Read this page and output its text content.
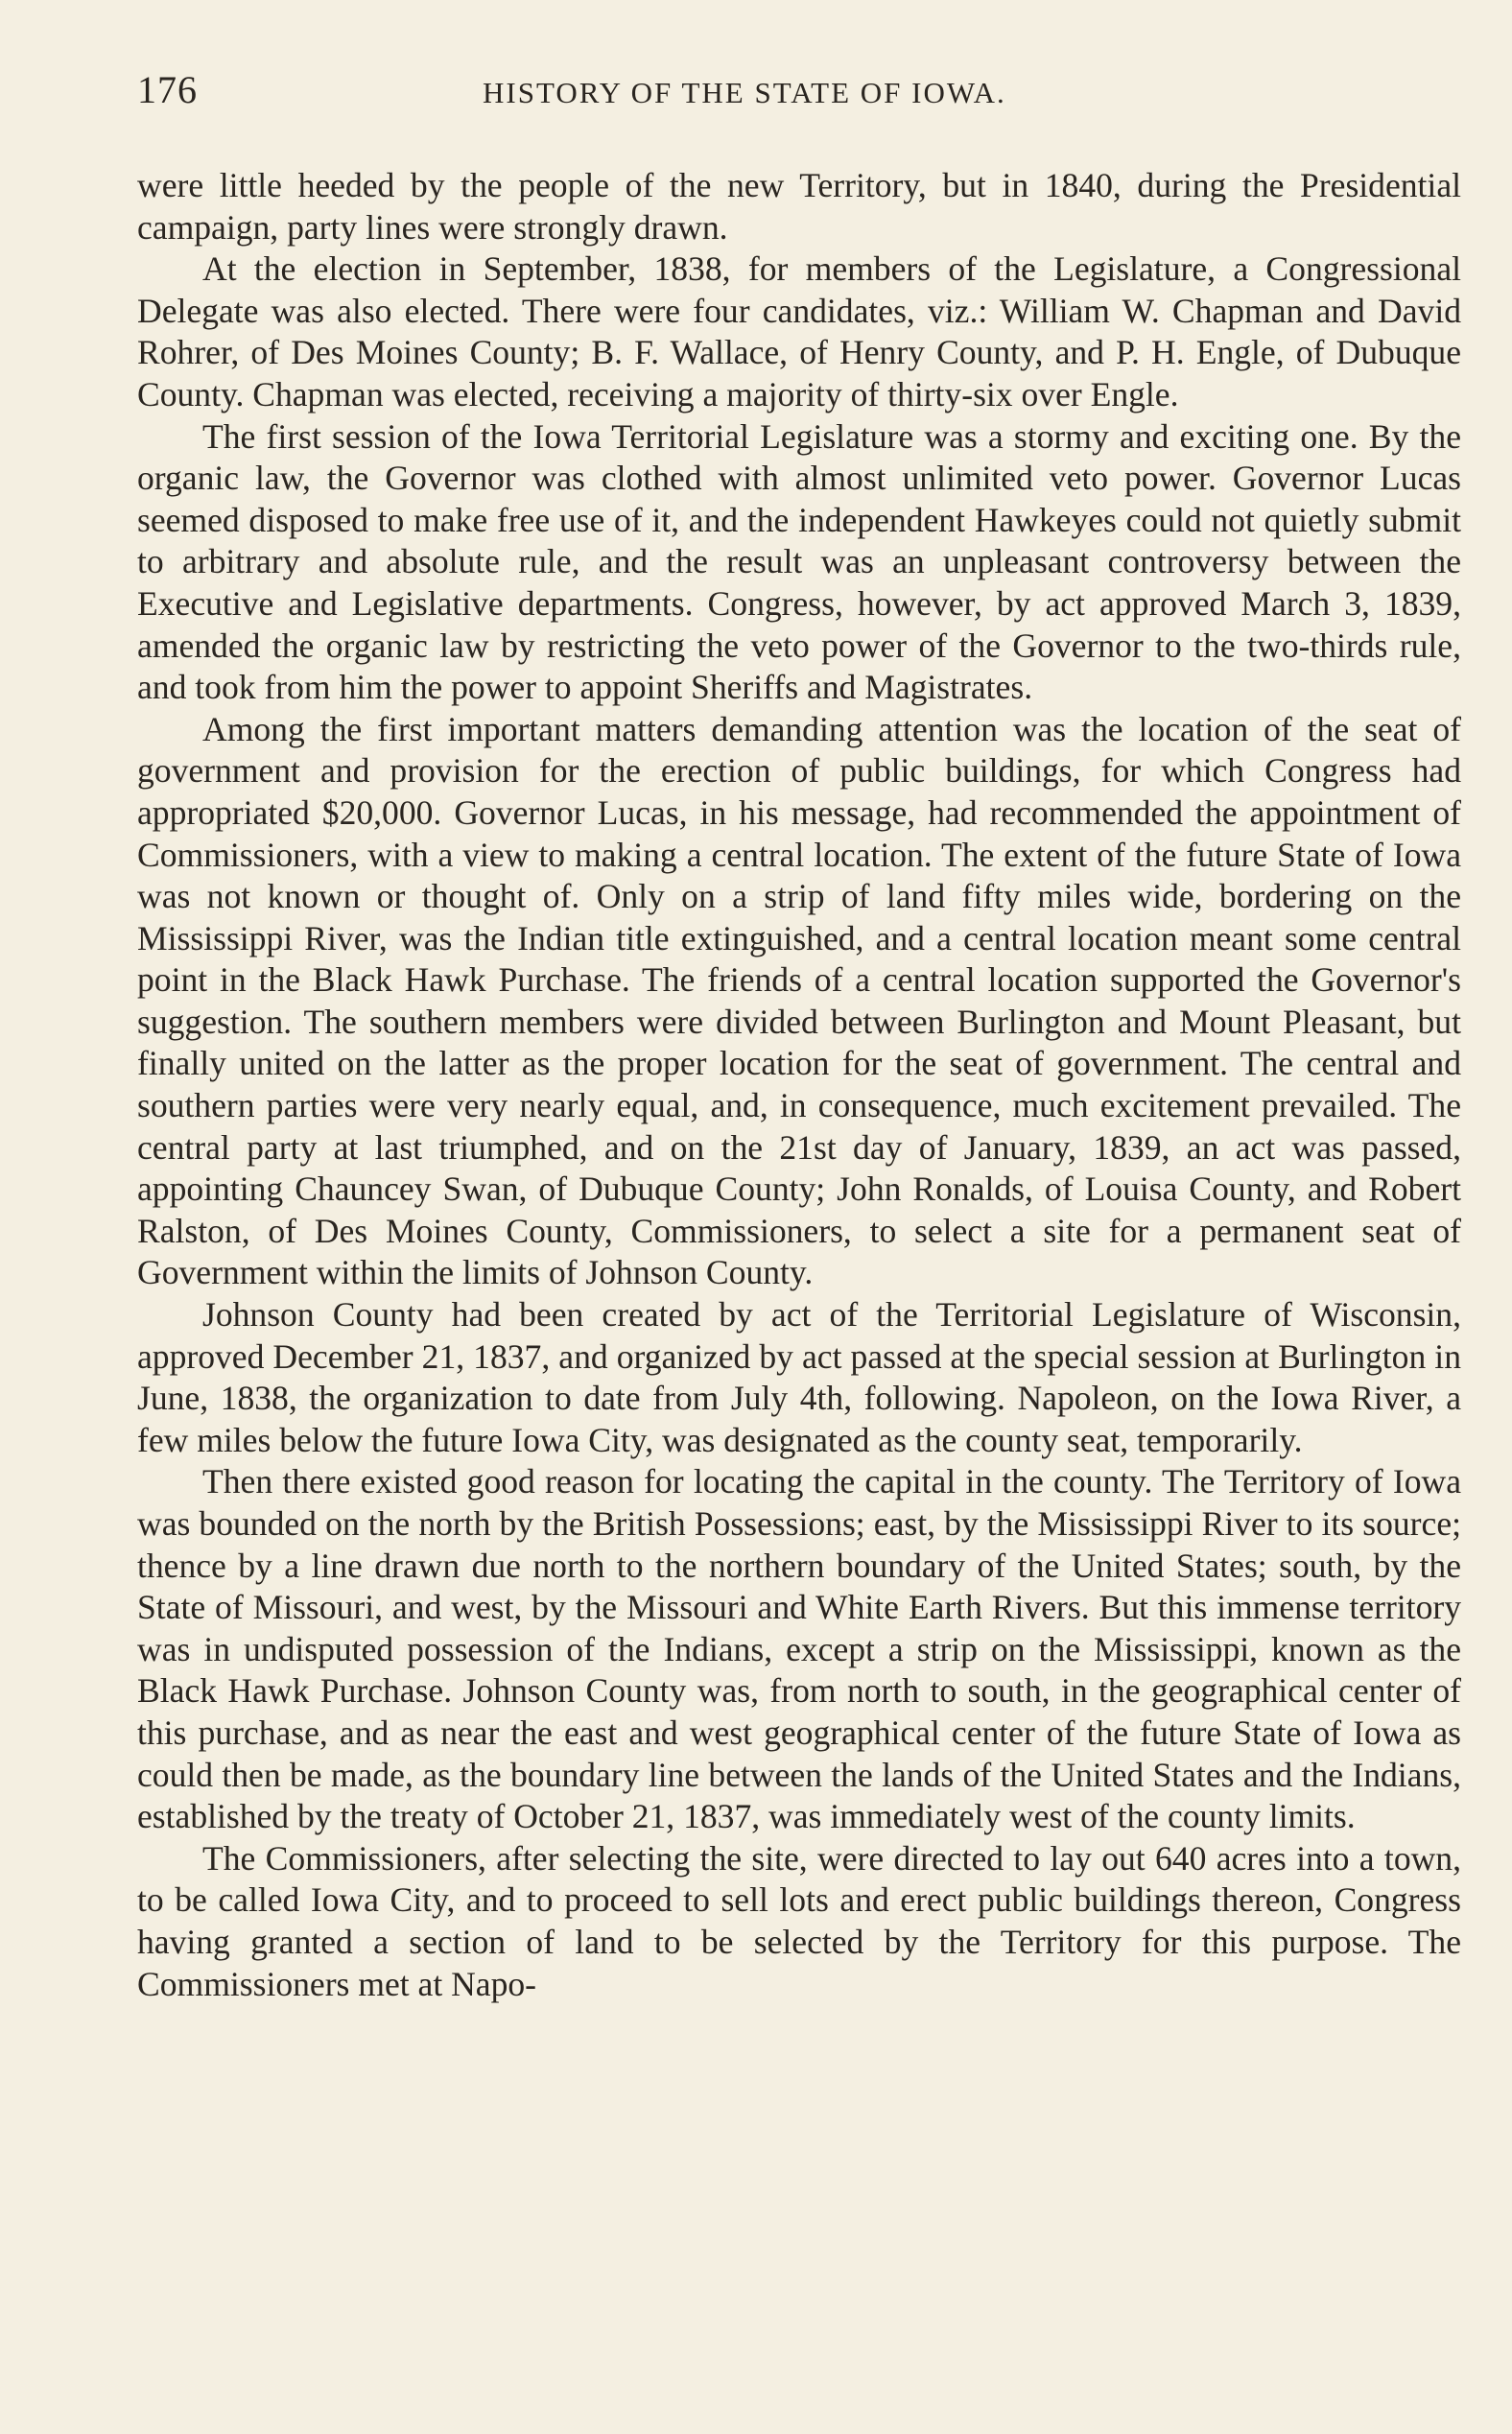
176	HISTORY OF THE STATE OF IOWA.

were little heeded by the people of the new Territory, but in 1840, during the Presidential campaign, party lines were strongly drawn.

At the election in September, 1838, for members of the Legislature, a Congressional Delegate was also elected. There were four candidates, viz.: William W. Chapman and David Rohrer, of Des Moines County; B. F. Wallace, of Henry County, and P. H. Engle, of Dubuque County. Chapman was elected, receiving a majority of thirty-six over Engle.

The first session of the Iowa Territorial Legislature was a stormy and exciting one. By the organic law, the Governor was clothed with almost unlimited veto power. Governor Lucas seemed disposed to make free use of it, and the independent Hawkeyes could not quietly submit to arbitrary and absolute rule, and the result was an unpleasant controversy between the Executive and Legislative departments. Congress, however, by act approved March 3, 1839, amended the organic law by restricting the veto power of the Governor to the two-thirds rule, and took from him the power to appoint Sheriffs and Magistrates.

Among the first important matters demanding attention was the location of the seat of government and provision for the erection of public buildings, for which Congress had appropriated $20,000. Governor Lucas, in his message, had recommended the appointment of Commissioners, with a view to making a central location. The extent of the future State of Iowa was not known or thought of. Only on a strip of land fifty miles wide, bordering on the Mississippi River, was the Indian title extinguished, and a central location meant some central point in the Black Hawk Purchase. The friends of a central location supported the Governor's suggestion. The southern members were divided between Burlington and Mount Pleasant, but finally united on the latter as the proper location for the seat of government. The central and southern parties were very nearly equal, and, in consequence, much excitement prevailed. The central party at last triumphed, and on the 21st day of January, 1839, an act was passed, appointing Chauncey Swan, of Dubuque County; John Ronalds, of Louisa County, and Robert Ralston, of Des Moines County, Commissioners, to select a site for a permanent seat of Government within the limits of Johnson County.

Johnson County had been created by act of the Territorial Legislature of Wisconsin, approved December 21, 1837, and organized by act passed at the special session at Burlington in June, 1838, the organization to date from July 4th, following. Napoleon, on the Iowa River, a few miles below the future Iowa City, was designated as the county seat, temporarily.

Then there existed good reason for locating the capital in the county. The Territory of Iowa was bounded on the north by the British Possessions; east, by the Mississippi River to its source; thence by a line drawn due north to the northern boundary of the United States; south, by the State of Missouri, and west, by the Missouri and White Earth Rivers. But this immense territory was in undisputed possession of the Indians, except a strip on the Mississippi, known as the Black Hawk Purchase. Johnson County was, from north to south, in the geographical center of this purchase, and as near the east and west geographical center of the future State of Iowa as could then be made, as the boundary line between the lands of the United States and the Indians, established by the treaty of October 21, 1837, was immediately west of the county limits.

The Commissioners, after selecting the site, were directed to lay out 640 acres into a town, to be called Iowa City, and to proceed to sell lots and erect public buildings thereon, Congress having granted a section of land to be selected by the Territory for this purpose. The Commissioners met at Napo-
